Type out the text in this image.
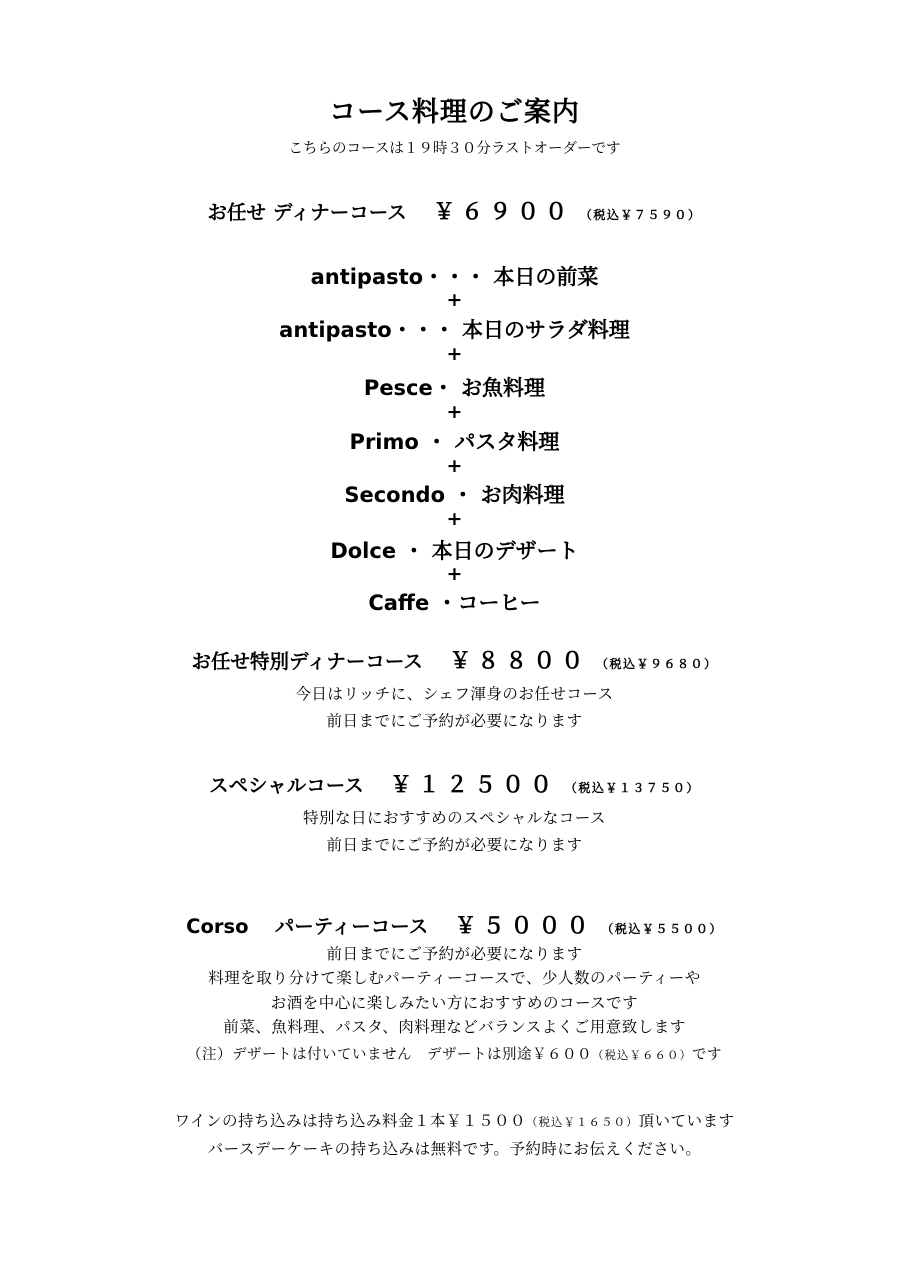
コース料理のご案内
こちらのコースは１９時３０分ラストオーダーです
お任せ ディナーコース　 ￥６９００ （税込￥７５９０）
antipasto・・・ 本日の前菜
+
antipasto・・・ 本日のサラダ料理
+
Pesce・ お魚料理
+
Primo ・ パスタ料理
+
Secondo ・ お肉料理
+
Dolce ・ 本日のデザート
+
Caffe ・コーヒー
お任せ特別ディナーコース　 ￥８８００ （税込￥９６８０）
今日はリッチに、シェフ渾身のお任せコース
前日までにご予約が必要になります
スペシャルコース　 ￥１２５００ （税込￥１３７５０）
特別な日におすすめのスペシャルなコース
前日までにご予約が必要になります
Corso　 パーティーコース　 ￥５０００ （税込￥５５００）
前日までにご予約が必要になります
料理を取り分けて楽しむパーティーコースで、少人数のパーティーや
お酒を中心に楽しみたい方におすすめのコースです
前菜、魚料理、パスタ、肉料理などバランスよくご用意致します
（注）デザートは付いていません　デザートは別途￥６００（税込￥６６０）です
ワインの持ち込みは持ち込み料金１本￥１５００（税込￥１６５０）頂いています
バースデーケーキの持ち込みは無料です。予約時にお伝えください。
